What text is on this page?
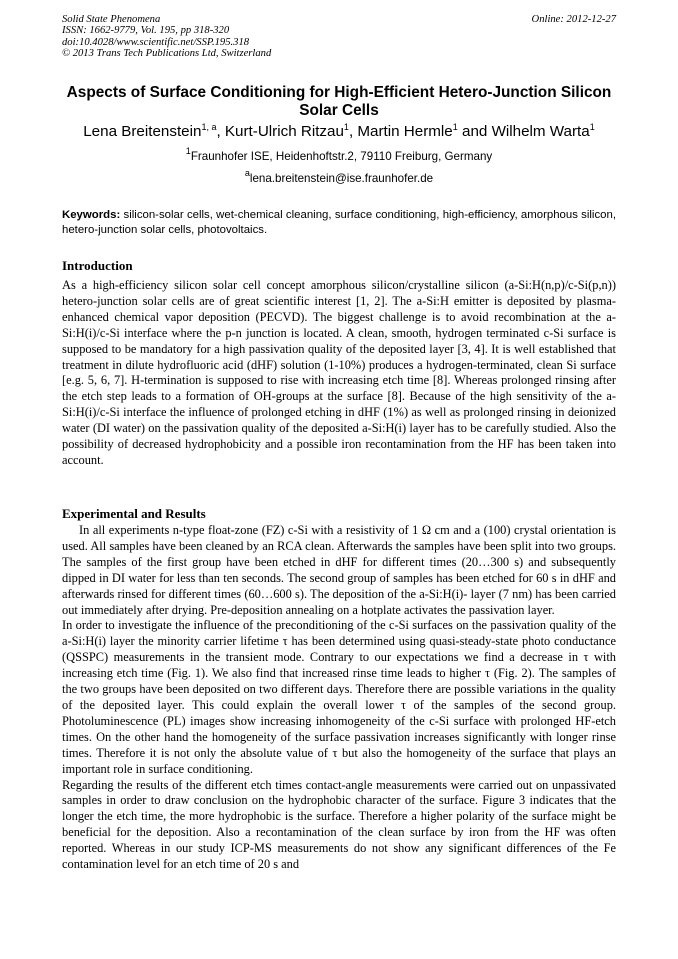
Solid State Phenomena
ISSN: 1662-9779, Vol. 195, pp 318-320
doi:10.4028/www.scientific.net/SSP.195.318
© 2013 Trans Tech Publications Ltd, Switzerland
Online: 2012-12-27
Aspects of Surface Conditioning for High-Efficient Hetero-Junction Silicon Solar Cells
Lena Breitenstein$^{1, a}$, Kurt-Ulrich Ritzau$^1$, Martin Hermle$^1$ and Wilhelm Warta$^1$
$^1$Fraunhofer ISE, Heidenhoftstr.2, 79110 Freiburg, Germany
$^a$lena.breitenstein@ise.fraunhofer.de
Keywords: silicon-solar cells, wet-chemical cleaning, surface conditioning, high-efficiency, amorphous silicon, hetero-junction solar cells, photovoltaics.
Introduction

As a high-efficiency silicon solar cell concept amorphous silicon/crystalline silicon (a-Si:H(n,p)/c-Si(p,n)) hetero-junction solar cells are of great scientific interest [1, 2]. The a-Si:H emitter is deposited by plasma-enhanced chemical vapor deposition (PECVD). The biggest challenge is to avoid recombination at the a-Si:H(i)/c-Si interface where the p-n junction is located. A clean, smooth, hydrogen terminated c-Si surface is supposed to be mandatory for a high passivation quality of the deposited layer [3, 4]. It is well established that treatment in dilute hydrofluoric acid (dHF) solution (1-10%) produces a hydrogen-terminated, clean Si surface [e.g. 5, 6, 7]. H-termination is supposed to rise with increasing etch time [8]. Whereas prolonged rinsing after the etch step leads to a formation of OH-groups at the surface [8]. Because of the high sensitivity of the a-Si:H(i)/c-Si interface the influence of prolonged etching in dHF (1%) as well as prolonged rinsing in deionized water (DI water) on the passivation quality of the deposited a-Si:H(i) layer has to be carefully studied. Also the possibility of decreased hydrophobicity and a possible iron recontamination from the HF has been taken into account.

Experimental and Results

In all experiments n-type float-zone (FZ) c-Si with a resistivity of 1 Ω cm and a (100) crystal orientation is used. All samples have been cleaned by an RCA clean. Afterwards the samples have been split into two groups. The samples of the first group have been etched in dHF for different times (20…300 s) and subsequently dipped in DI water for less than ten seconds. The second group of samples has been etched for 60 s in dHF and afterwards rinsed for different times (60…600 s). The deposition of the a-Si:H(i)- layer (7 nm) has been carried out immediately after drying. Pre-deposition annealing on a hotplate activates the passivation layer.

In order to investigate the influence of the preconditioning of the c-Si surfaces on the passivation quality of the a-Si:H(i) layer the minority carrier lifetime τ has been determined using quasi-steady-state photo conductance (QSSPC) measurements in the transient mode. Contrary to our expectations we find a decrease in τ with increasing etch time (Fig. 1). We also find that increased rinse time leads to higher τ (Fig. 2). The samples of the two groups have been deposited on two different days. Therefore there are possible variations in the quality of the deposited layer. This could explain the overall lower τ of the samples of the second group. Photoluminescence (PL) images show increasing inhomogeneity of the c-Si surface with prolonged HF-etch times. On the other hand the homogeneity of the surface passivation increases significantly with longer rinse times. Therefore it is not only the absolute value of τ but also the homogeneity of the surface that plays an important role in surface conditioning.

Regarding the results of the different etch times contact-angle measurements were carried out on unpassivated samples in order to draw conclusion on the hydrophobic character of the surface. Figure 3 indicates that the longer the etch time, the more hydrophobic is the surface. Therefore a higher polarity of the surface might be beneficial for the deposition. Also a recontamination of the clean surface by iron from the HF was often reported. Whereas in our study ICP-MS measurements do not show any significant differences of the Fe contamination level for an etch time of 20 s and
